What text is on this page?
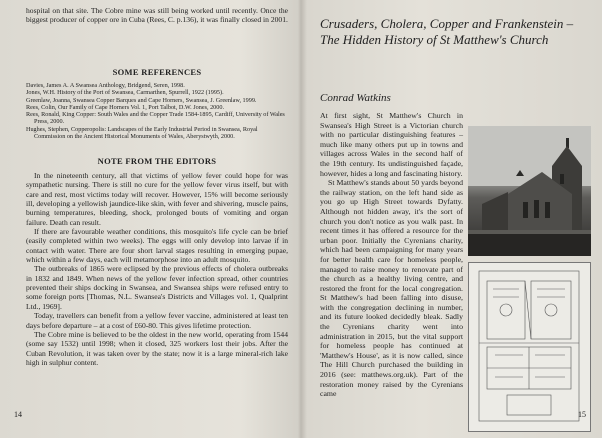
hospital on that site. The Cobre mine was still being worked until recently. Once the biggest producer of copper ore in Cuba (Rees, C. p.136), it was finally closed in 2001.

SOME REFERENCES
Davies, James A. A Swansea Anthology, Bridgend, Seren, 1998.
Jones, W.H. History of the Port of Swansea, Carmarthen, Spurrell, 1922 (1995).
Greenlaw, Joanna, Swansea Copper Barques and Cape Horners, Swansea, J. Greenlaw, 1999.
Rees, Colin, Our Family of Cape Horners Vol. 1, Port Talbot, D.W. Jones, 2000.
Rees, Ronald, King Copper: South Wales and the Copper Trade 1584-1895, Cardiff, University of Wales Press, 2000.
Hughes, Stephen, Copperopolis: Landscapes of the Early Industrial Period in Swansea, Royal Commission on the Ancient Historical Monuments of Wales, Aberystwyth, 2000.
NOTE FROM THE EDITORS

In the nineteenth century, all that victims of yellow fever could hope for was sympathetic nursing. There is still no cure for the yellow fever virus itself, but with care and rest, most victims today will recover. However, 15% will become seriously ill, developing a yellowish jaundice-like skin, with fever and shivering, muscle pains, burning temperatures, bleeding, shock, prolonged bouts of vomiting and organ failure. Death can result.

If there are favourable weather conditions, this mosquito's life cycle can be brief (easily completed within two weeks). The eggs will only develop into larvae if in contact with water. There are four short larval stages resulting in emerging pupae, which within a few days, each will metamorphose into an adult mosquito.

The outbreaks of 1865 were eclipsed by the previous effects of cholera outbreaks in 1832 and 1849. When news of the yellow fever infection spread, other countries prevented their ships docking in Swansea, and Swansea ships were refused entry to some foreign ports [Thomas, N.L. Swansea's Districts and Villages vol. 1, Qualprint Ltd., 1969].

Today, travellers can benefit from a yellow fever vaccine, administered at least ten days before departure – at a cost of £60-80. This gives lifetime protection.

The Cobre mine is believed to be the oldest in the new world, operating from 1544 (some say 1532) until 1998; when it closed, 325 workers lost their jobs. After the Cuban Revolution, it was taken over by the state; now it is a large mineral-rich lake high in sulphur content.

14
Crusaders, Cholera, Copper and Frankenstein – The Hidden History of St Matthew's Church
Conrad Watkins

At first sight, St Matthew's Church in Swansea's High Street is a Victorian church with no particular distinguishing features – much like many others put up in towns and villages across Wales in the second half of the 19th century. Its undistinguished façade, however, hides a long and fascinating history.

St Matthew's stands about 50 yards beyond the railway station, on the left hand side as you go up High Street towards Dyfatty. Although not hidden away, it's the sort of church you don't notice as you walk past. In recent times it has offered a resource for the urban poor. Initially the Cyrenians charity, which had been campaigning for many years for better health care for homeless people, managed to raise money to renovate part of the church as a healthy living centre, and restored the front for the local congregation. St Matthew's had been falling into disuse, with the congregation declining in number, and its future looked decidedly bleak. Sadly the Cyrenians charity went into administration in 2015, but the vital support for homeless people has continued at 'Matthew's House', as it is now called, since The Hill Church purchased the building in 2016 (see: matthews.org.uk). Part of the restoration money raised by the Cyrenians came

15
